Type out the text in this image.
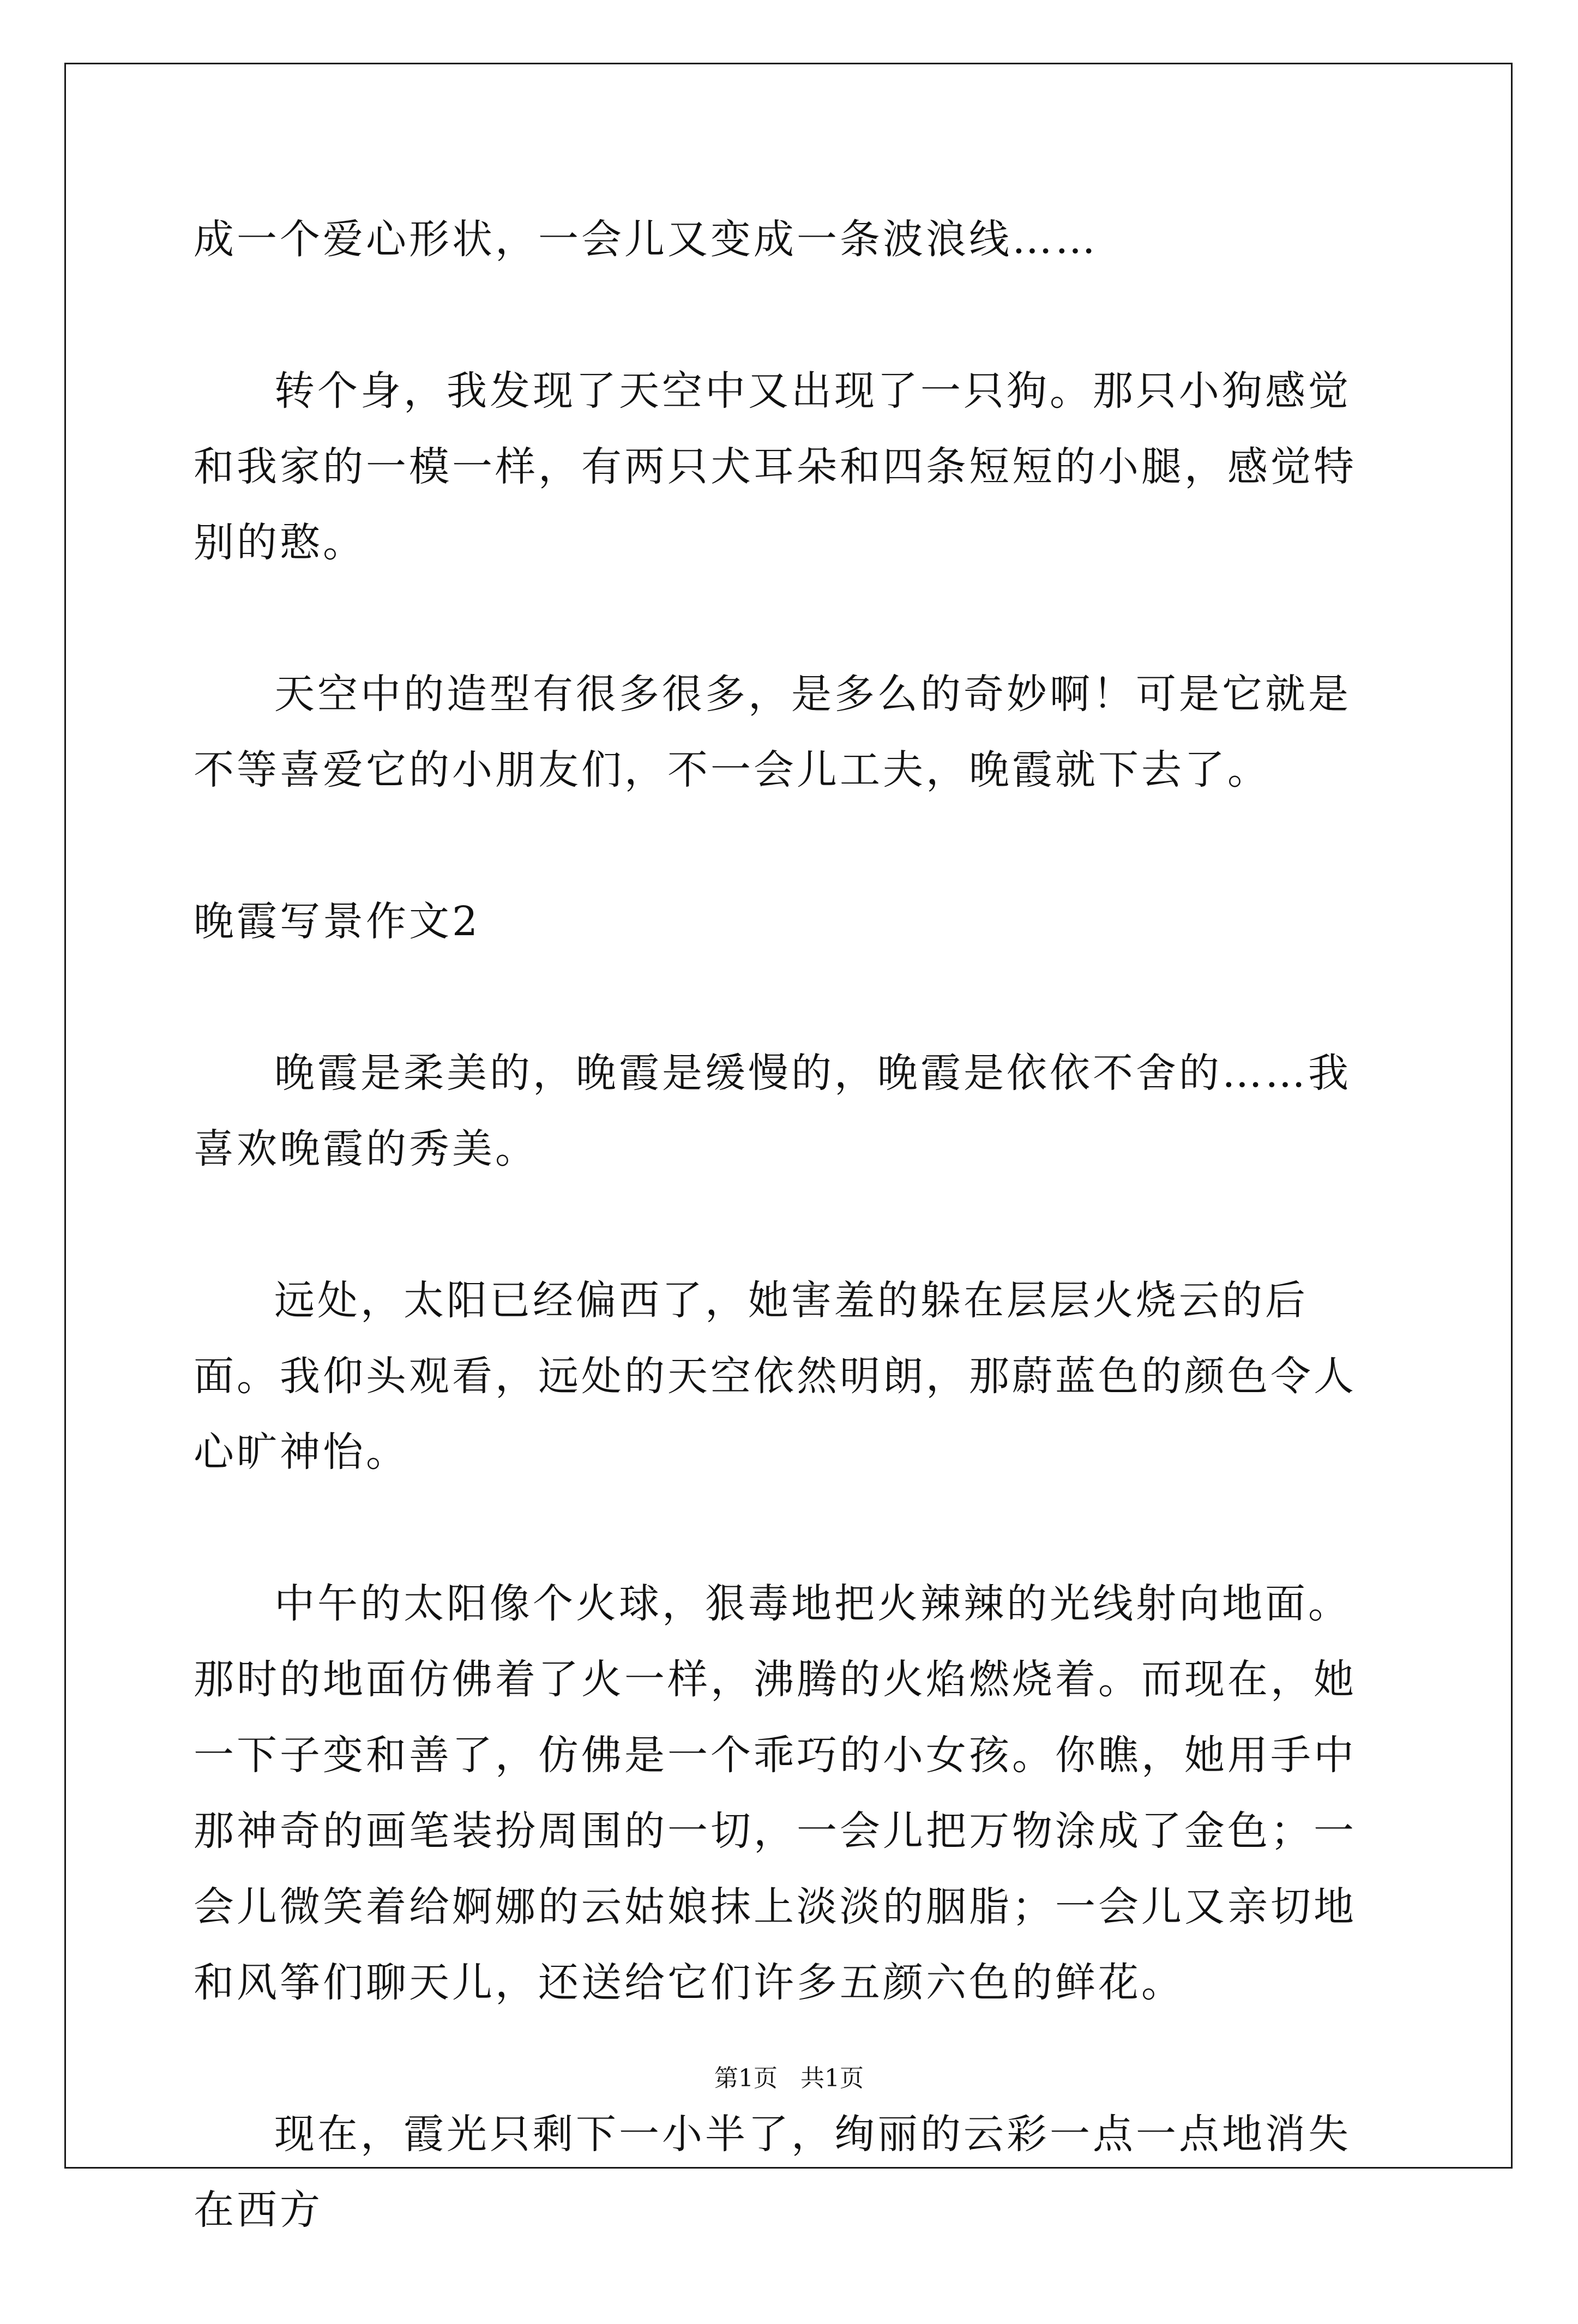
成一个爱心形状，一会儿又变成一条波浪线……

转个身，我发现了天空中又出现了一只狗。那只小狗感觉和我家的一模一样，有两只犬耳朵和四条短短的小腿，感觉特别的憨。

天空中的造型有很多很多，是多么的奇妙啊！可是它就是不等喜爱它的小朋友们，不一会儿工夫，晚霞就下去了。

晚霞写景作文2

晚霞是柔美的，晚霞是缓慢的，晚霞是依依不舍的……我喜欢晚霞的秀美。

远处，太阳已经偏西了，她害羞的躲在层层火烧云的后面。我仰头观看，远处的天空依然明朗，那蔚蓝色的颜色令人心旷神怡。

中午的太阳像个火球，狠毒地把火辣辣的光线射向地面。那时的地面仿佛着了火一样，沸腾的火焰燃烧着。而现在，她一下子变和善了，仿佛是一个乖巧的小女孩。你瞧，她用手中那神奇的画笔装扮周围的一切，一会儿把万物涂成了金色；一会儿微笑着给婀娜的云姑娘抹上淡淡的胭脂；一会儿又亲切地和风筝们聊天儿，还送给它们许多五颜六色的鲜花。

现在，霞光只剩下一小半了，绚丽的云彩一点一点地消失在西方

第1页   共1页
